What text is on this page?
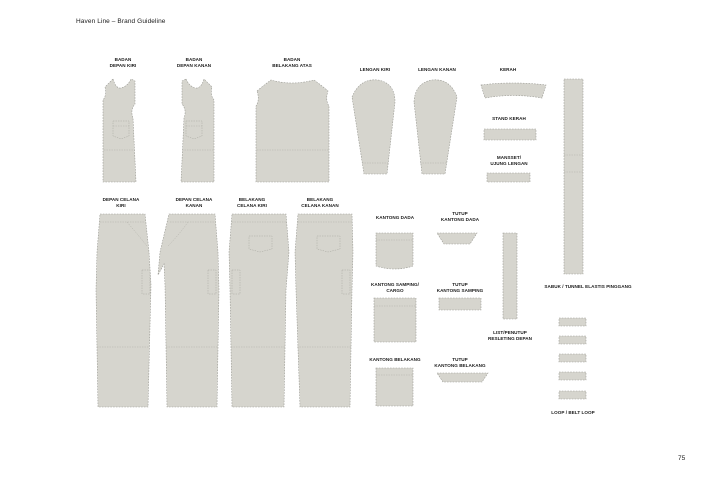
Haven Line – Brand Guideline
75
BADAN
DEPAN KIRI
BADAN
DEPAN KANAN
BADAN
BELAKANG ATAS
LENGAN KIRI	LENGAN KANAN	KERAH
STAND KERAH
MANSSET/
UJUNG LENGAN
DEPAN CELANA
KIRI
DEPAN CELANA
KANAN
BELAKANG
CELANA KIRI
BELAKANG
CELANA KANAN
KANTONG DADA
TUTUP
KANTONG DADA
KANTONG SAMPING/
CARGO
TUTUP
KANTONG SAMPING
SABUK / TUNNEL ELASTIS PINGGANG
LIST/PENUTUP
RESLETING DEPAN
KANTONG BELAKANG	TUTUP
KANTONG BELAKANG
LOOP / BELT LOOP
